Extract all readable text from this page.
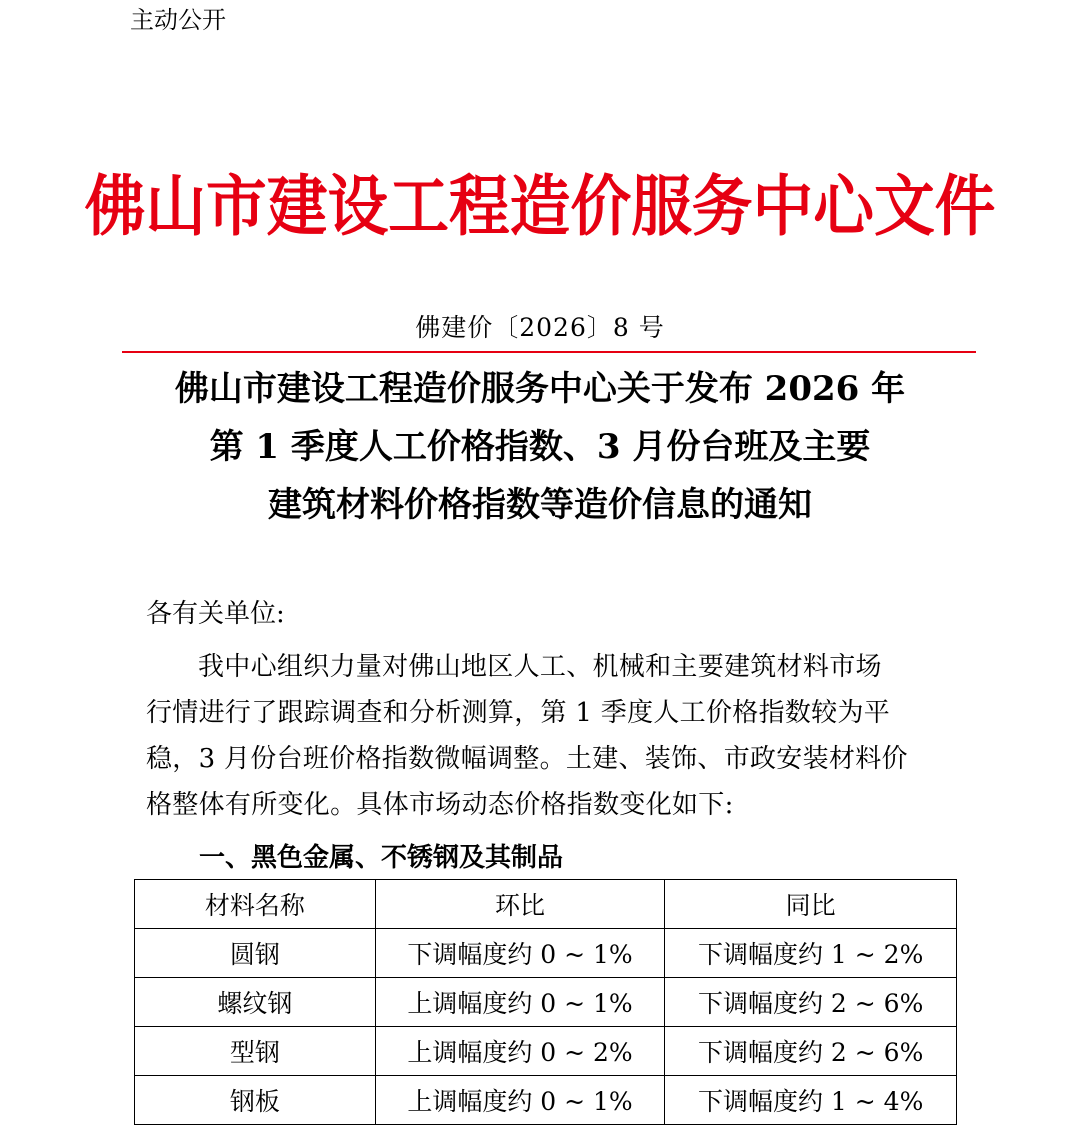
主动公开
佛山市建设工程造价服务中心文件
佛建价〔2026〕8 号
佛山市建设工程造价服务中心关于发布 2026 年
第 1 季度人工价格指数、3 月份台班及主要
建筑材料价格指数等造价信息的通知
各有关单位:
我中心组织力量对佛山地区人工、机械和主要建筑材料市场
行情进行了跟踪调查和分析测算，第 1 季度人工价格指数较为平
稳，3 月份台班价格指数微幅调整。土建、装饰、市政安装材料价
格整体有所变化。具体市场动态价格指数变化如下:
一、黑色金属、不锈钢及其制品
材料名称	环比	同比
圆钢	下调幅度约 0 ~ 1%	下调幅度约 1 ~ 2%
螺纹钢	上调幅度约 0 ~ 1%	下调幅度约 2 ~ 6%
型钢	上调幅度约 0 ~ 2%	下调幅度约 2 ~ 6%
钢板	上调幅度约 0 ~ 1%	下调幅度约 1 ~ 4%
